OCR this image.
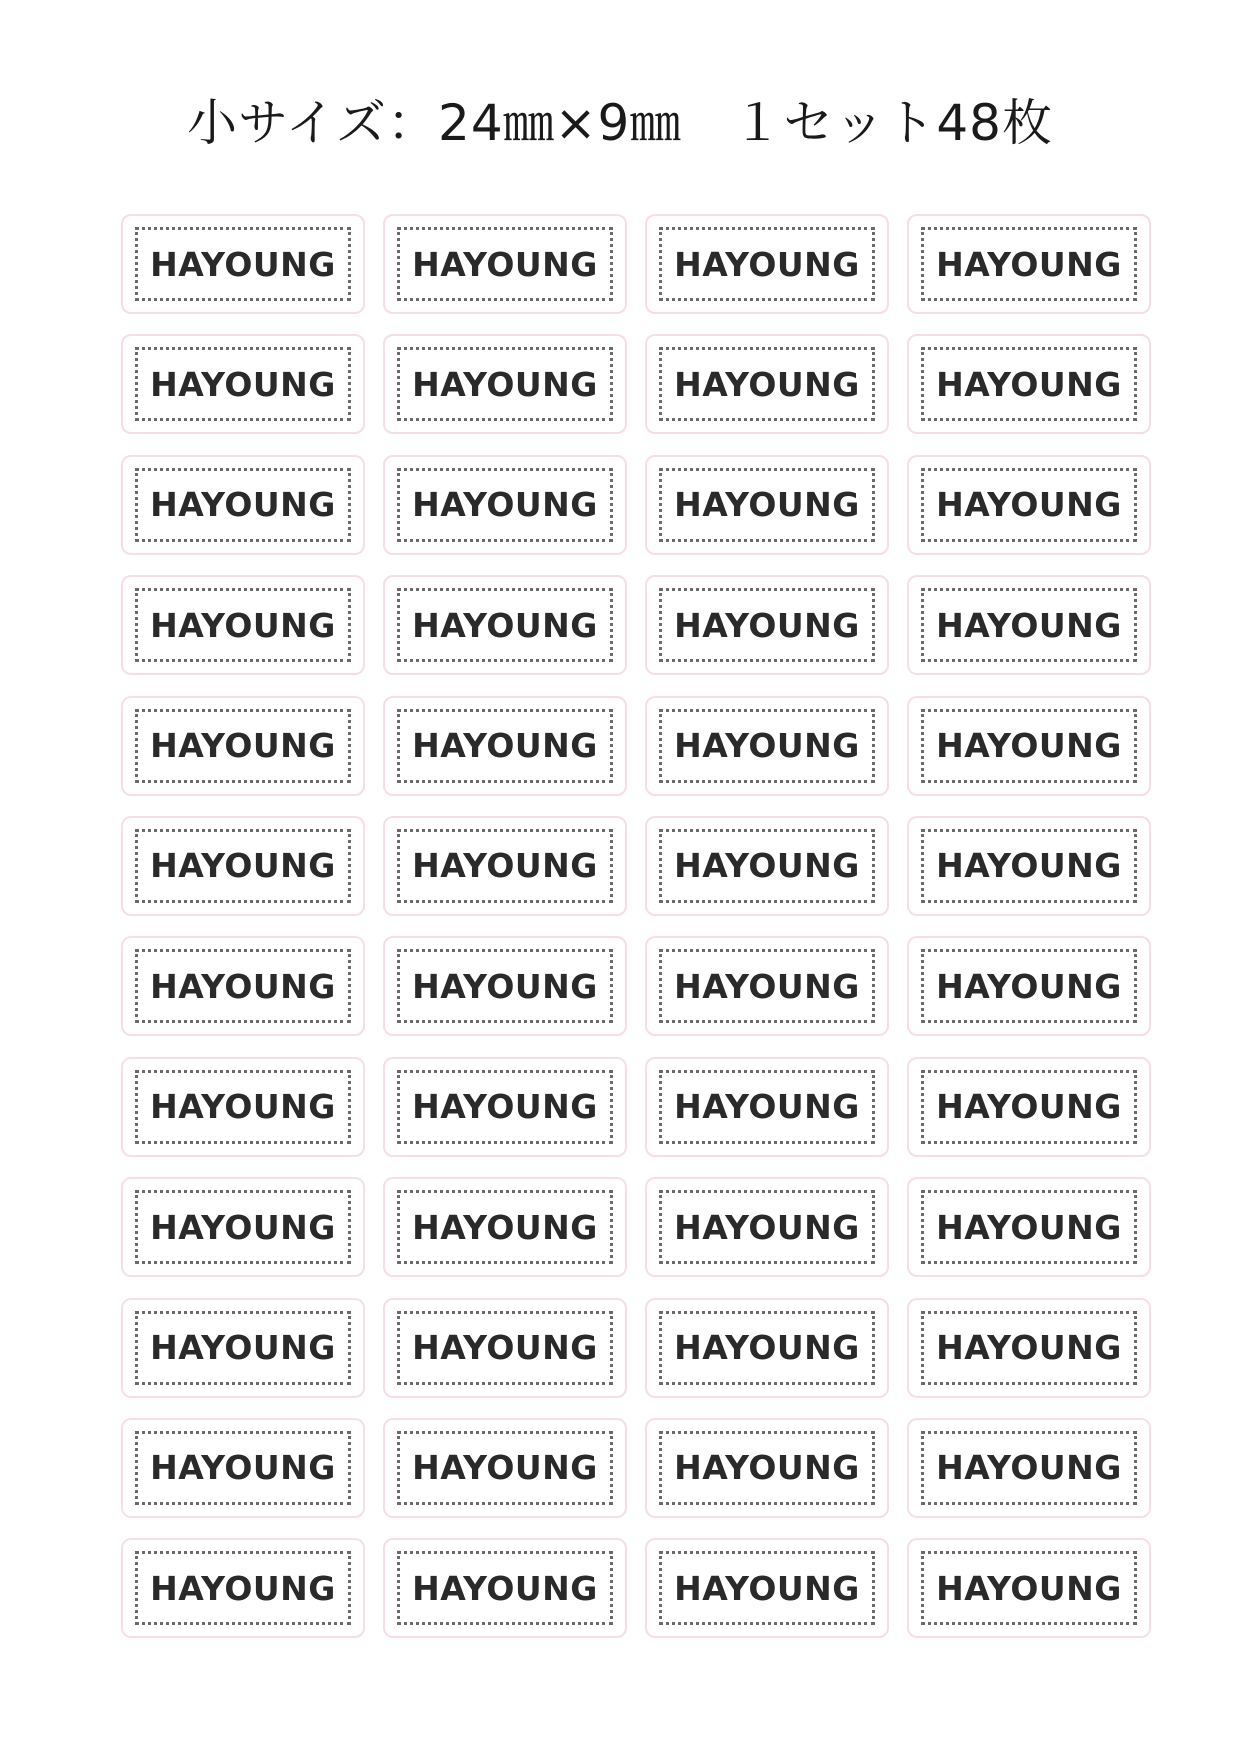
小サイズ：24㎜×9㎜　１セット48枚
HAYOUNG HAYOUNG HAYOUNG HAYOUNG
HAYOUNG HAYOUNG HAYOUNG HAYOUNG
HAYOUNG HAYOUNG HAYOUNG HAYOUNG
HAYOUNG HAYOUNG HAYOUNG HAYOUNG
HAYOUNG HAYOUNG HAYOUNG HAYOUNG
HAYOUNG HAYOUNG HAYOUNG HAYOUNG
HAYOUNG HAYOUNG HAYOUNG HAYOUNG
HAYOUNG HAYOUNG HAYOUNG HAYOUNG
HAYOUNG HAYOUNG HAYOUNG HAYOUNG
HAYOUNG HAYOUNG HAYOUNG HAYOUNG
HAYOUNG HAYOUNG HAYOUNG HAYOUNG
HAYOUNG HAYOUNG HAYOUNG HAYOUNG
